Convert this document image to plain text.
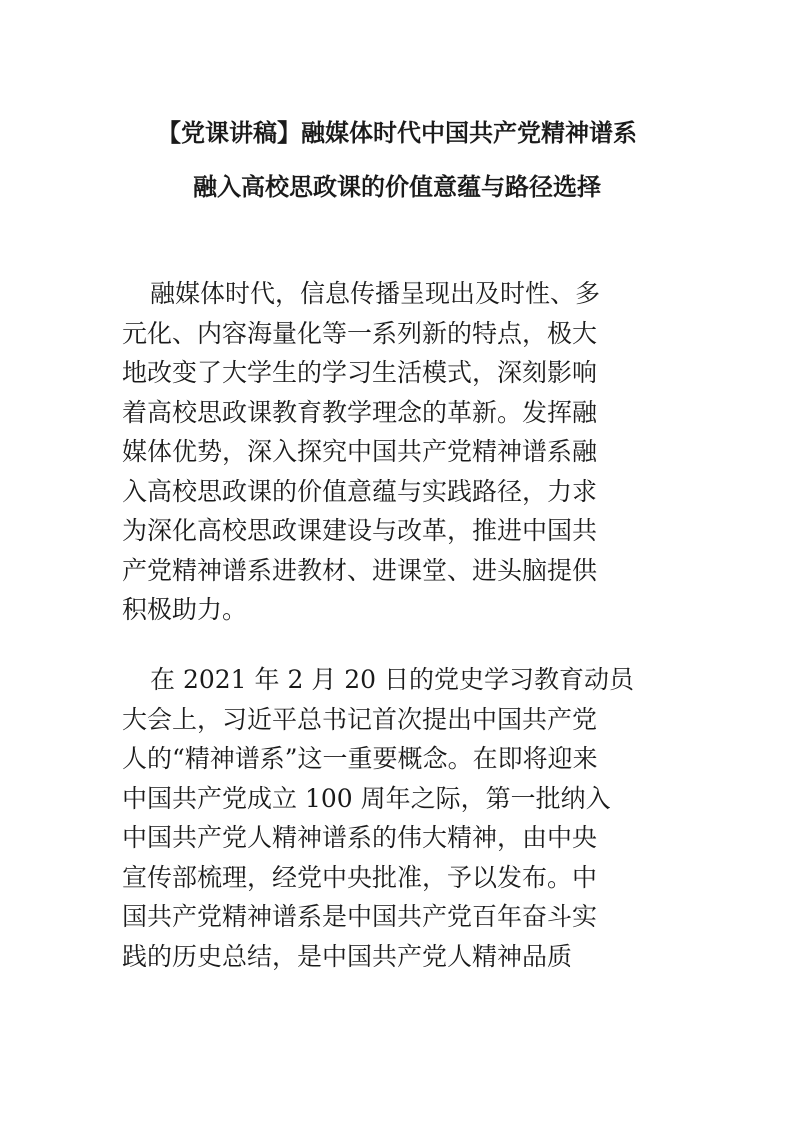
【党课讲稿】融媒体时代中国共产党精神谱系
融入高校思政课的价值意蕴与路径选择
融媒体时代，信息传播呈现出及时性、多
元化、内容海量化等一系列新的特点，极大
地改变了大学生的学习生活模式，深刻影响
着高校思政课教育教学理念的革新。发挥融
媒体优势，深入探究中国共产党精神谱系融
入高校思政课的价值意蕴与实践路径，力求
为深化高校思政课建设与改革，推进中国共
产党精神谱系进教材、进课堂、进头脑提供
积极助力。
在 2021 年 2 月 20 日的党史学习教育动员
大会上，习近平总书记首次提出中国共产党
人的“精神谱系”这一重要概念。在即将迎来
中国共产党成立 100 周年之际，第一批纳入
中国共产党人精神谱系的伟大精神，由中央
宣传部梳理，经党中央批准，予以发布。中
国共产党精神谱系是中国共产党百年奋斗实
践的历史总结，是中国共产党人精神品质
